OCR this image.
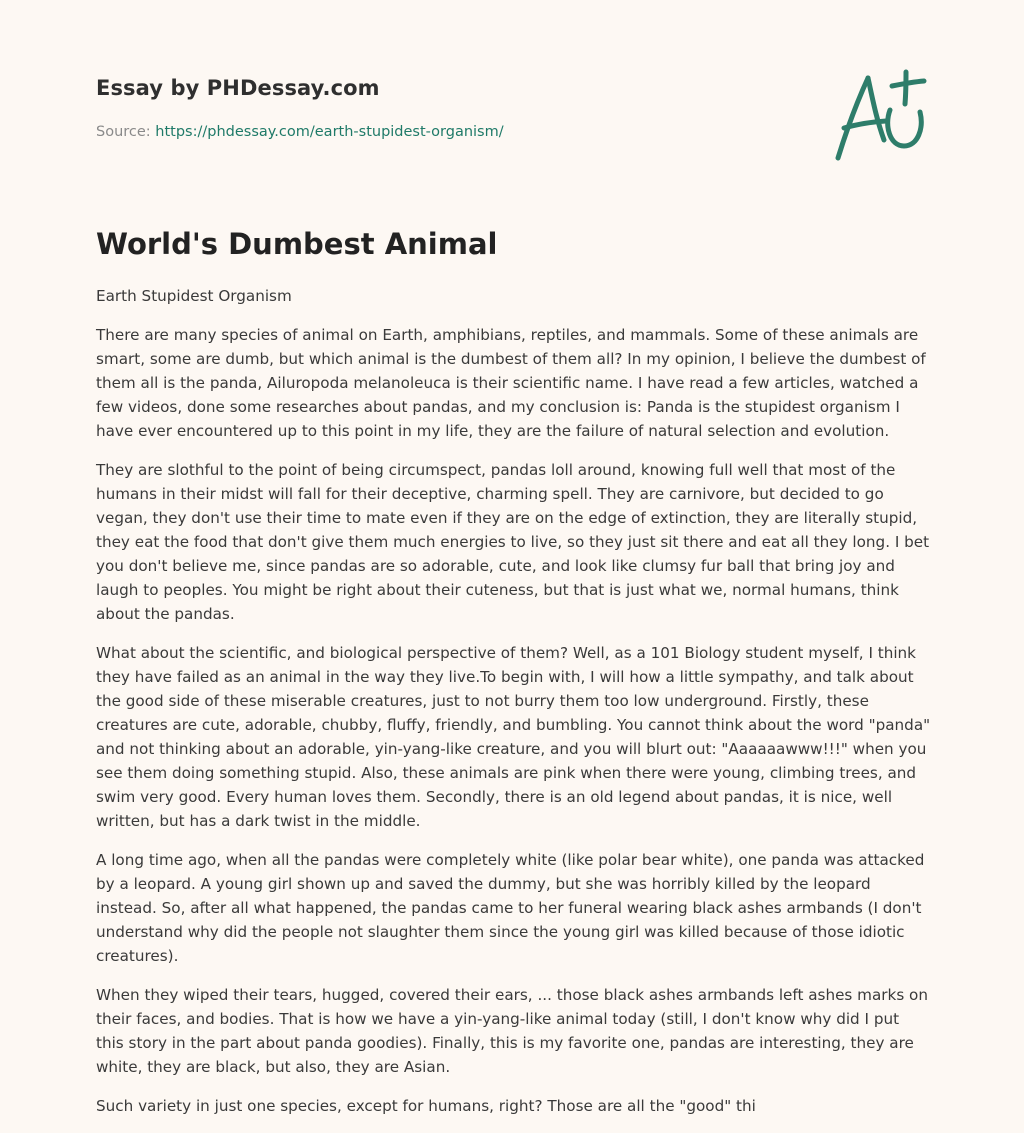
Essay by PHDessay.com

Source: https://phdessay.com/earth-stupidest-organism/

World's Dumbest Animal

Earth Stupidest Organism

There are many species of animal on Earth, amphibians, reptiles, and mammals. Some of these animals are smart, some are dumb, but which animal is the dumbest of them all? In my opinion, I believe the dumbest of them all is the panda, Ailuropoda melanoleuca is their scientific name. I have read a few articles, watched a few videos, done some researches about pandas, and my conclusion is: Panda is the stupidest organism I have ever encountered up to this point in my life, they are the failure of natural selection and evolution.

They are slothful to the point of being circumspect, pandas loll around, knowing full well that most of the humans in their midst will fall for their deceptive, charming spell. They are carnivore, but decided to go vegan, they don't use their time to mate even if they are on the edge of extinction, they are literally stupid, they eat the food that don't give them much energies to live, so they just sit there and eat all they long. I bet you don't believe me, since pandas are so adorable, cute, and look like clumsy fur ball that bring joy and laugh to peoples. You might be right about their cuteness, but that is just what we, normal humans, think about the pandas.

What about the scientific, and biological perspective of them? Well, as a 101 Biology student myself, I think they have failed as an animal in the way they live.To begin with, I will how a little sympathy, and talk about the good side of these miserable creatures, just to not burry them too low underground. Firstly, these creatures are cute, adorable, chubby, fluffy, friendly, and bumbling. You cannot think about the word "panda" and not thinking about an adorable, yin-yang-like creature, and you will blurt out: "Aaaaaawww!!!" when you see them doing something stupid. Also, these animals are pink when there were young, climbing trees, and swim very good. Every human loves them. Secondly, there is an old legend about pandas, it is nice, well written, but has a dark twist in the middle.

A long time ago, when all the pandas were completely white (like polar bear white), one panda was attacked by a leopard. A young girl shown up and saved the dummy, but she was horribly killed by the leopard instead. So, after all what happened, the pandas came to her funeral wearing black ashes armbands (I don't understand why did the people not slaughter them since the young girl was killed because of those idiotic creatures).

When they wiped their tears, hugged, covered their ears, ... those black ashes armbands left ashes marks on their faces, and bodies. That is how we have a yin-yang-like animal today (still, I don't know why did I put this story in the part about panda goodies). Finally, this is my favorite one, pandas are interesting, they are white, they are black, but also, they are Asian.

Such variety in just one species, except for humans, right? Those are all the "good" thi
